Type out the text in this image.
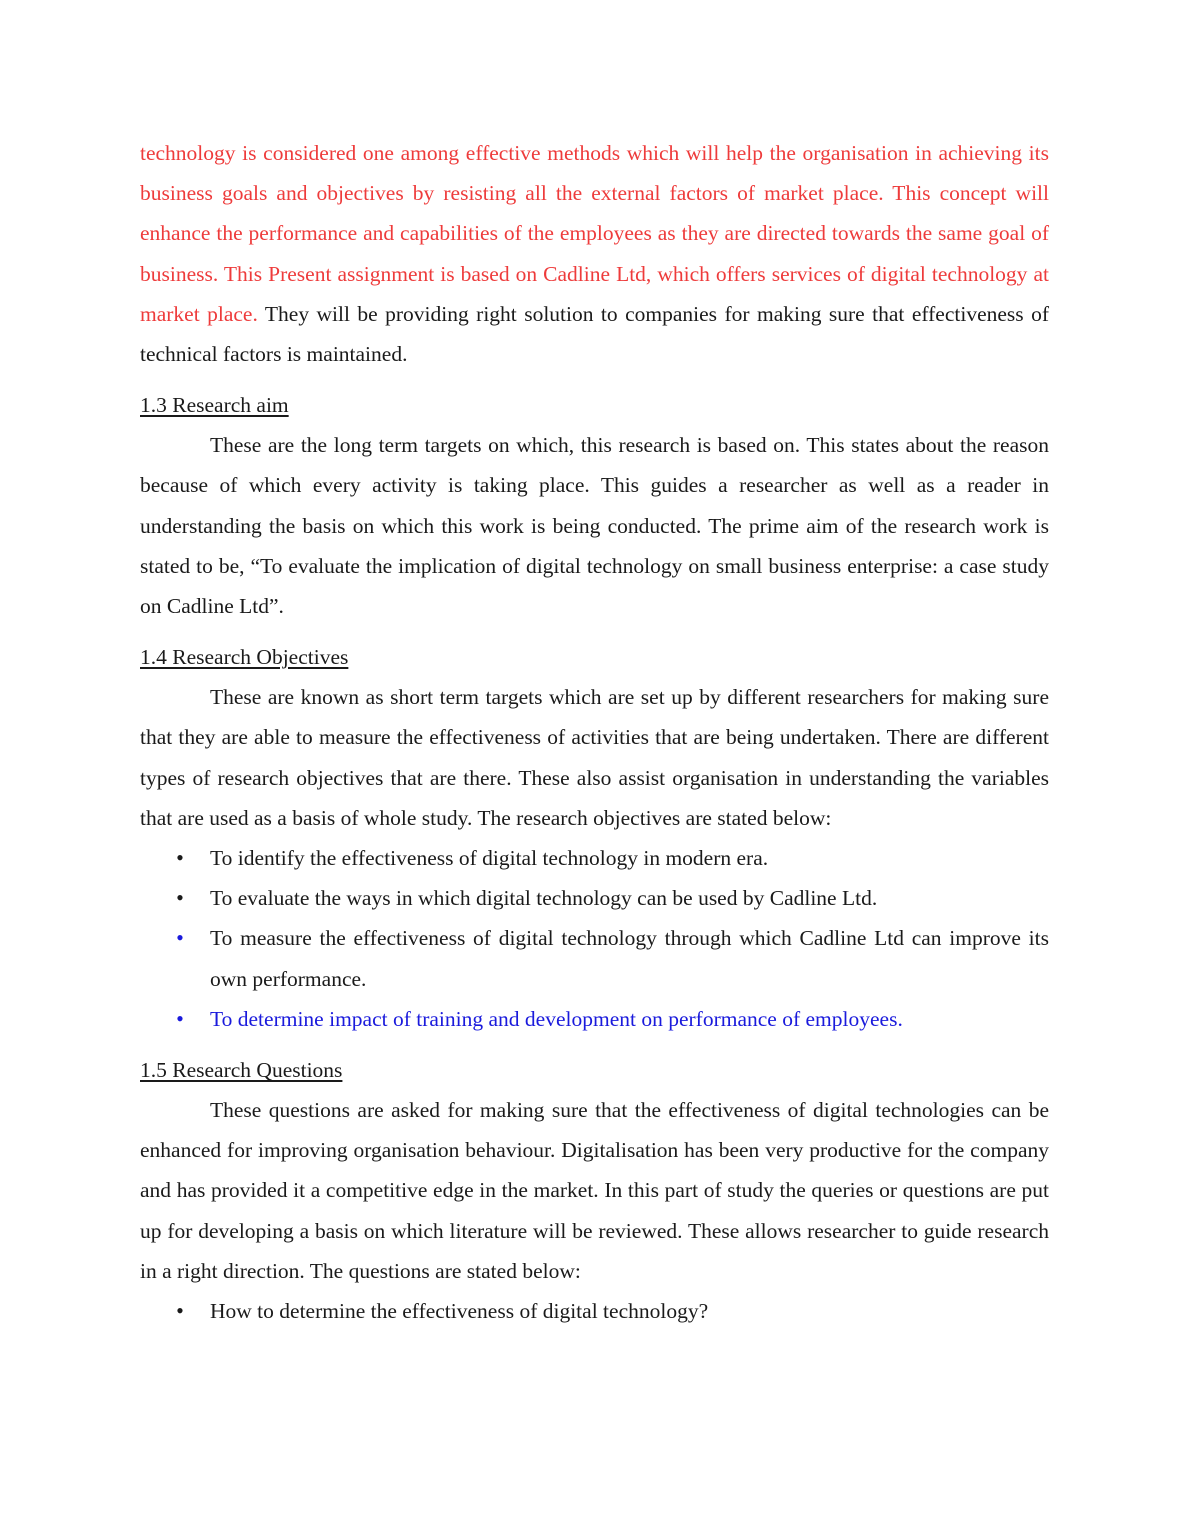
technology is considered one among effective methods which will help the organisation in achieving its business goals and objectives by resisting all the external factors of market place. This concept will enhance the performance and capabilities of the employees as they are directed towards the same goal of business. This Present assignment is based on Cadline Ltd, which offers services of digital technology at market place. They will be providing right solution to companies for making sure that effectiveness of technical factors is maintained.

1.3 Research aim

These are the long term targets on which, this research is based on. This states about the reason because of which every activity is taking place. This guides a researcher as well as a reader in understanding the basis on which this work is being conducted. The prime aim of the research work is stated to be, “To evaluate the implication of digital technology on small business enterprise: a case study on Cadline Ltd”.

1.4 Research Objectives

These are known as short term targets which are set up by different researchers for making sure that they are able to measure the effectiveness of activities that are being undertaken. There are different types of research objectives that are there. These also assist organisation in understanding the variables that are used as a basis of whole study. The research objectives are stated below:

• To identify the effectiveness of digital technology in modern era.
• To evaluate the ways in which digital technology can be used by Cadline Ltd.
• To measure the effectiveness of digital technology through which Cadline Ltd can improve its own performance.
• To determine impact of training and development on performance of employees.
1.5 Research Questions

These questions are asked for making sure that the effectiveness of digital technologies can be enhanced for improving organisation behaviour. Digitalisation has been very productive for the company and has provided it a competitive edge in the market. In this part of study the queries or questions are put up for developing a basis on which literature will be reviewed. These allows researcher to guide research in a right direction. The questions are stated below:

• How to determine the effectiveness of digital technology?
